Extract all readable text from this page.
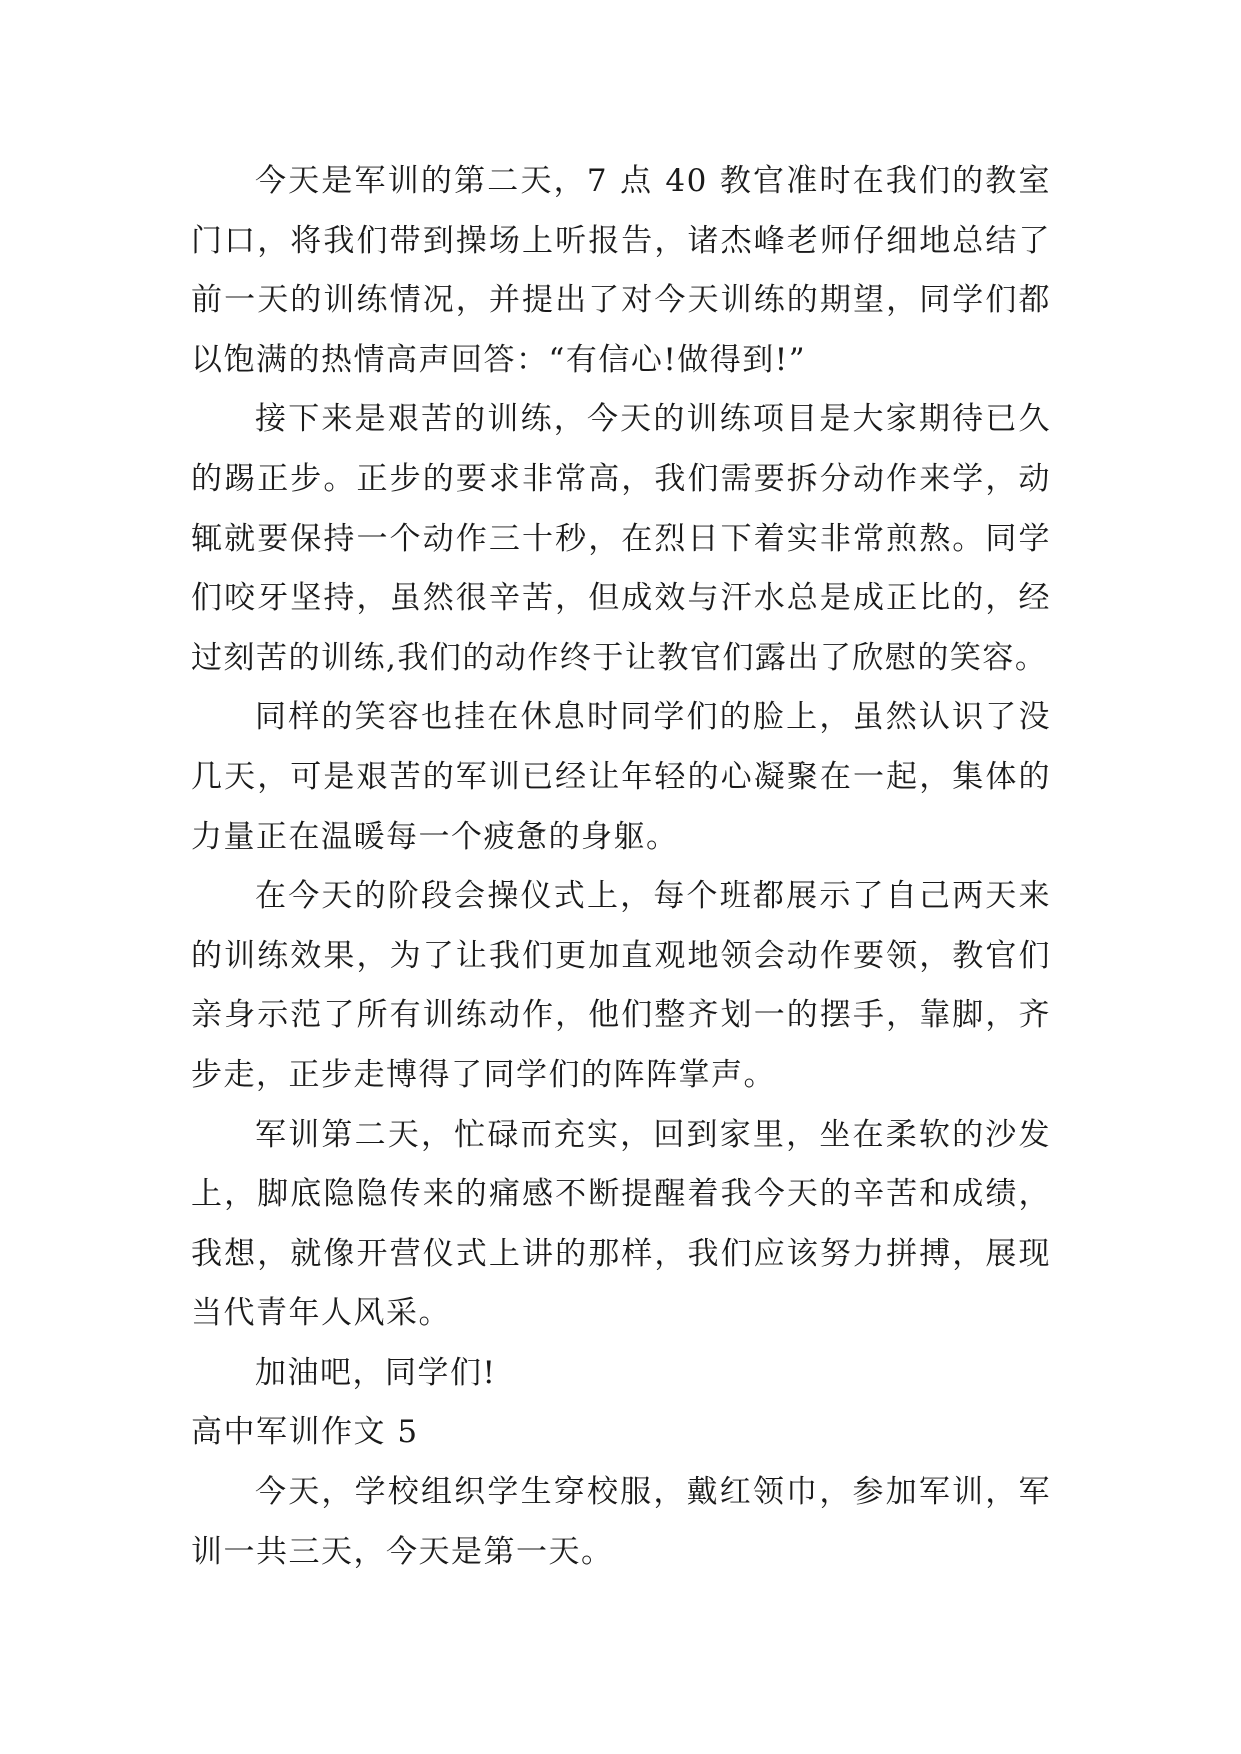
今天是军训的第二天，7 点 40 教官准时在我们的教室门口，将我们带到操场上听报告，诸杰峰老师仔细地总结了前一天的训练情况，并提出了对今天训练的期望，同学们都以饱满的热情高声回答：“有信心!做得到!”

接下来是艰苦的训练，今天的训练项目是大家期待已久的踢正步。正步的要求非常高，我们需要拆分动作来学，动辄就要保持一个动作三十秒，在烈日下着实非常煎熬。同学们咬牙坚持，虽然很辛苦，但成效与汗水总是成正比的，经过刻苦的训练,我们的动作终于让教官们露出了欣慰的笑容。

同样的笑容也挂在休息时同学们的脸上，虽然认识了没几天，可是艰苦的军训已经让年轻的心凝聚在一起，集体的力量正在温暖每一个疲惫的身躯。

在今天的阶段会操仪式上，每个班都展示了自己两天来的训练效果，为了让我们更加直观地领会动作要领，教官们亲身示范了所有训练动作，他们整齐划一的摆手，靠脚，齐步走，正步走博得了同学们的阵阵掌声。

军训第二天，忙碌而充实，回到家里，坐在柔软的沙发上，脚底隐隐传来的痛感不断提醒着我今天的辛苦和成绩，我想，就像开营仪式上讲的那样，我们应该努力拼搏，展现当代青年人风采。

加油吧，同学们!

高中军训作文 5

今天，学校组织学生穿校服，戴红领巾，参加军训，军训一共三天，今天是第一天。
